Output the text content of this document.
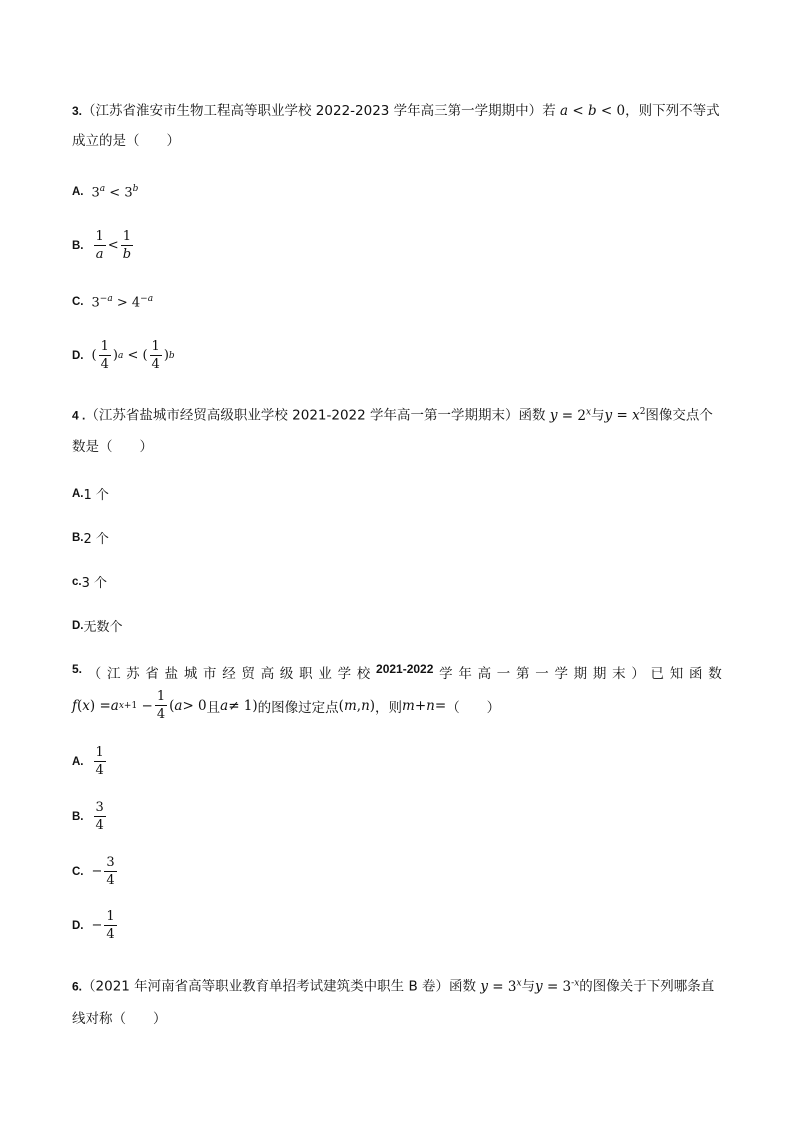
3.（江苏省淮安市生物工程高等职业学校 2022-2023 学年高三第一学期期中）若 a < b < 0，则下列不等式
成立的是（　　）
A. $3^a < 3^b$
B. $\frac{1}{a} < \frac{1}{b}$
C. $3^{-a} > 4^{-a}$
D. ( $\frac{1}{4}$ ) a < ( $\frac{1}{4}$ ) b
4 .（江苏省盐城市经贸高级职业学校 2021-2022 学年高一第一学期期末）函数 $y = 2^x$与$y = x^2$图像交点个
数是（　　）
A. 1 个
B. 2 个
c. 3 个
D. 无数个
5. （ 江 苏 省 盐 城 市 经 贸 高 级 职 业 学 校 2021-2022 学 年 高 一 第 一 学 期 期 末 ） 已 知 函 数
f ( x ) = a $x+1 - \frac{1}{4}$ ( a > 0 且 a ≠ 1) 的图像过定点 ( m , n ) ，则 m + n = （　　）
A. $\frac{1}{4}$
B. $\frac{3}{4}$
C. − $\frac{3}{4}$
D. − $\frac{1}{4}$
6.（2021 年河南省高等职业教育单招考试建筑类中职生 B 卷）函数 $y = 3^x$与$y = 3^{-x}$的图像关于下列哪条直
线对称（　　）
